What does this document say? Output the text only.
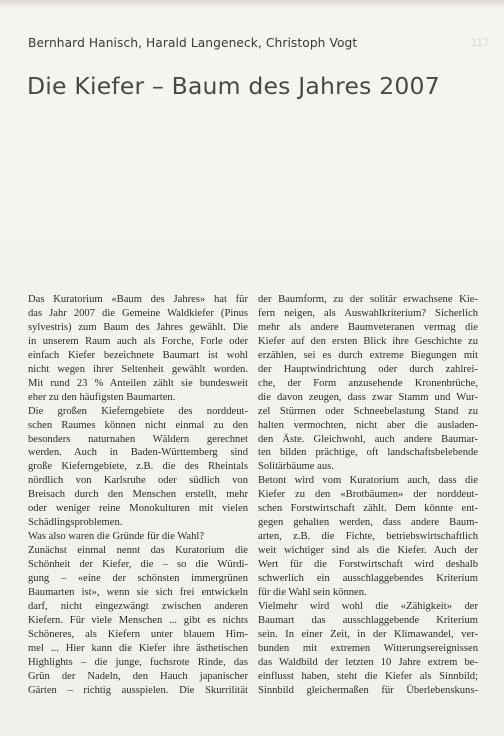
117
Bernhard Hanisch, Harald Langeneck, Christoph Vogt
Die Kiefer – Baum des Jahres 2007
Das Kuratorium «Baum des Jahres» hat für
das Jahr 2007 die Gemeine Waldkiefer (Pinus
sylvestris) zum Baum des Jahres gewählt. Die
in unserem Raum auch als Forche, Forle oder
einfach Kiefer bezeichnete Baumart ist wohl
nicht wegen ihrer Seltenheit gewählt worden.
Mit rund 23 % Anteilen zählt sie bundesweit
eher zu den häufigsten Baumarten.
Die großen Kieferngebiete des norddeut-
schen Raumes können nicht einmal zu den
besonders naturnahen Wäldern gerechnet
werden. Auch in Baden-Württemberg sind
große Kieferngebiete, z.B. die des Rheintals
nördlich von Karlsruhe oder südlich von
Breisach durch den Menschen erstellt, mehr
oder weniger reine Monokulturen mit vielen
Schädlingsproblemen.
Was also waren die Gründe für die Wahl?
Zunächst einmal nennt das Kuratorium die
Schönheit der Kiefer, die – so die Würdi-
gung – «eine der schönsten immergrünen
Baumarten ist», wenn sie sich frei entwickeln
darf, nicht eingezwängt zwischen anderen
Kiefern. Für viele Menschen ... gibt es nichts
Schöneres, als Kiefern unter blauem Him-
mel ... Hier kann die Kiefer ihre ästhetischen
Highlights – die junge, fuchsrote Rinde, das
Grün der Nadeln, den Hauch japanischer
Gärten – richtig ausspielen. Die Skurrilität
der Baumform, zu der solitär erwachsene Kie-
fern neigen, als Auswahlkriterium? Sicherlich
mehr als andere Baumveteranen vermag die
Kiefer auf den ersten Blick ihre Geschichte zu
erzählen, sei es durch extreme Biegungen mit
der Hauptwindrichtung oder durch zahlrei-
che, der Form anzusehende Kronenbrüche,
die davon zeugen, dass zwar Stamm und Wur-
zel Stürmen oder Schneebelastung Stand zu
halten vermochten, nicht aber die ausladen-
den Äste. Gleichwohl, auch andere Baumar-
ten bilden prächtige, oft landschaftsbelebende
Solitärbäume aus.
Betont wird vom Kuratorium auch, dass die
Kiefer zu den «Brotbäumen» der norddeut-
schen Forstwirtschaft zählt. Dem könnte ent-
gegen gehalten werden, dass andere Baum-
arten, z.B. die Fichte, betriebswirtschaftlich
weit wichtiger sind als die Kiefer. Auch der
Wert für die Forstwirtschaft wird deshalb
schwerlich ein ausschlaggebendes Kriterium
für die Wahl sein können.
Vielmehr wird wohl die «Zähigkeit» der
Baumart das ausschlaggebende Kriterium
sein. In einer Zeit, in der Klimawandel, ver-
bunden mit extremen Witterungsereignissen
das Waldbild der letzten 10 Jahre extrem be-
einflusst haben, steht die Kiefer als Sinnbild;
Sinnbild gleichermaßen für Überlebenskuns-
